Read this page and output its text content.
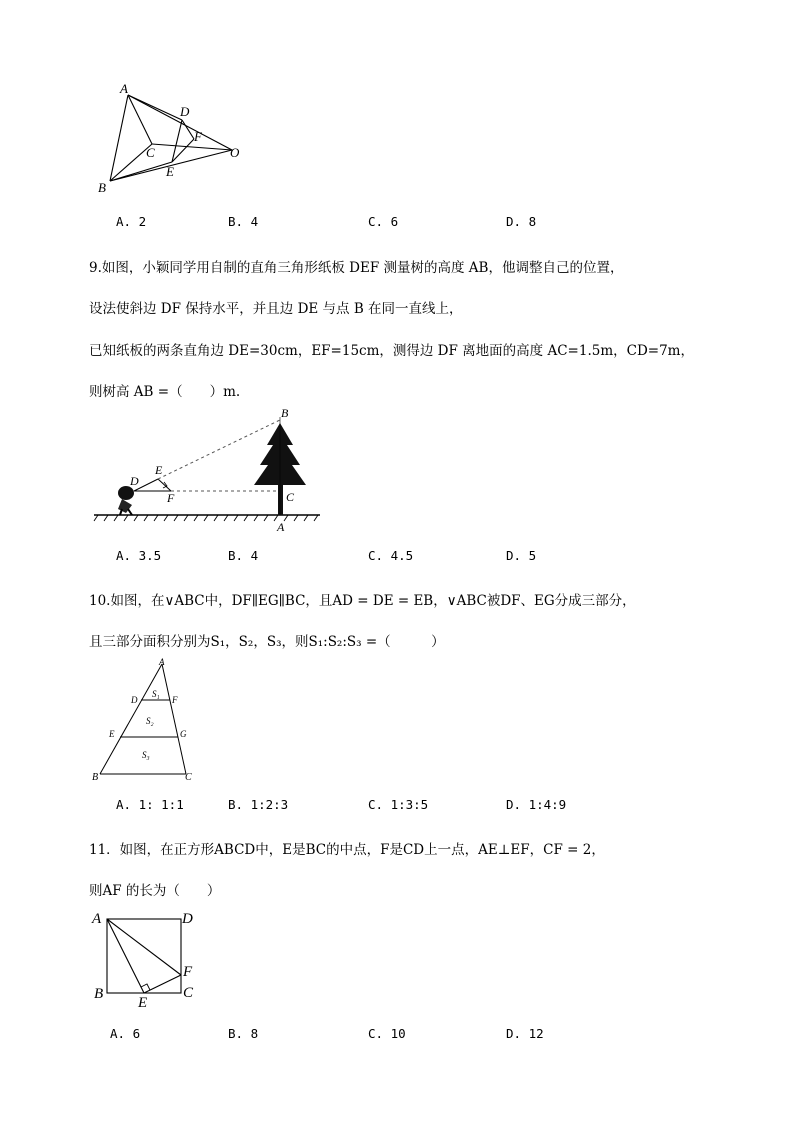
A
B
C
D
E
F
O
A. 2	B. 4	C. 6	D. 8
9.如图，小颖同学用自制的直角三角形纸板 DEF 测量树的高度 AB，他调整自己的位置，
设法使斜边 DF 保持水平，并且边 DE 与点 B 在同一直线上，
已知纸板的两条直角边 DE=30cm，EF=15cm，测得边 DF 离地面的高度 AC=1.5m，CD=7m，
则树高 AB =（　　）m.
B
C
A
D
E
F
A. 3.5	B. 4	C. 4.5	D. 5
10.如图，在∨ABC中，DF∥EG∥BC，且AD = DE = EB，∨ABC被DF、EG分成三部分，
且三部分面积分别为S₁，S₂，S₃，则S₁:S₂:S₃ =（　　　）
A
B	C
D	F
E	G
S₁
S₂
S₃
A. 1: 1:1	B. 1:2:3	C. 1:3:5	D. 1:4:9
11．如图，在正方形ABCD中，E是BC的中点，F是CD上一点，AE⊥EF，CF = 2，
则AF 的长为（　　）
A	D
B	C
E
F
A. 6	B. 8	C. 10	D. 12
